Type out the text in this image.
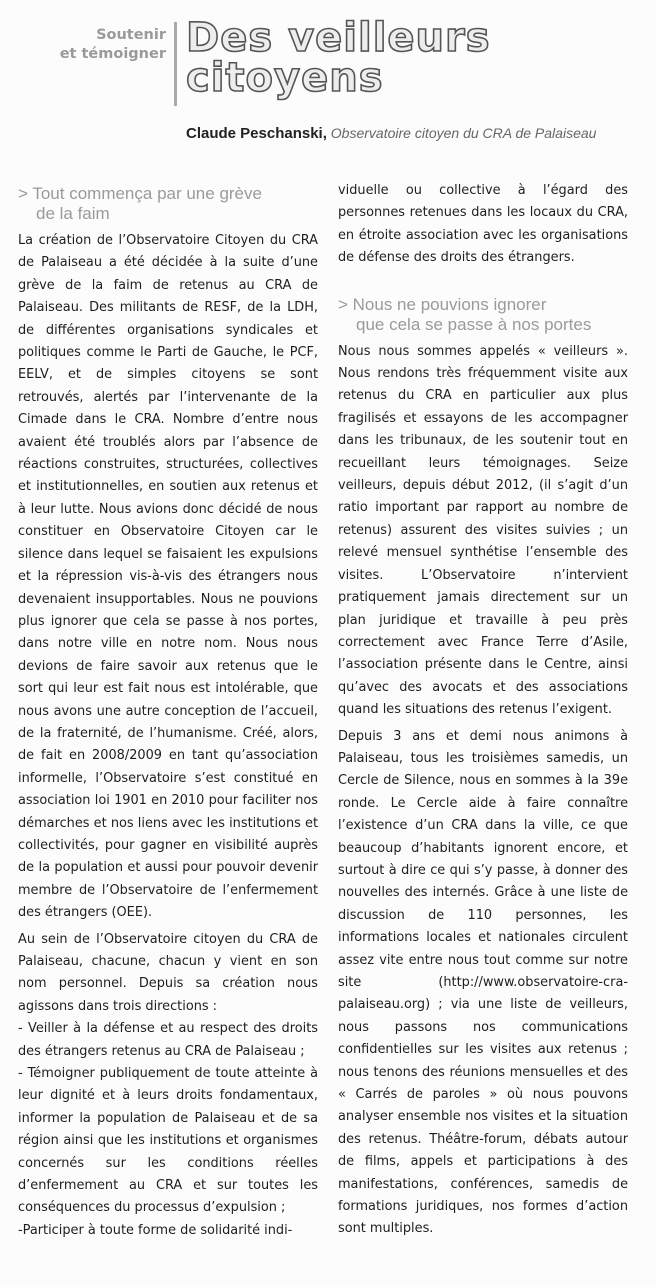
Soutenir
et témoigner Des veilleurs
citoyens
Claude Peschanski, Observatoire citoyen du CRA de Palaiseau
> Tout commença par une grève
de la faim

La création de l’Observatoire Citoyen du CRA de Palaiseau a été décidée à la suite d’une grève de la faim de retenus au CRA de Palaiseau. Des militants de RESF, de la LDH, de différentes organisations syndicales et politiques comme le Parti de Gauche, le PCF, EELV, et de simples citoyens se sont retrouvés, alertés par l’intervenante de la Cimade dans le CRA. Nombre d’entre nous avaient été troublés alors par l’absence de réactions construites, structurées, collectives et institutionnelles, en soutien aux retenus et à leur lutte. Nous avions donc décidé de nous constituer en Observatoire Citoyen car le silence dans lequel se faisaient les expulsions et la répression vis-à-vis des étrangers nous devenaient insupportables. Nous ne pouvions plus ignorer que cela se passe à nos portes, dans notre ville en notre nom. Nous nous devions de faire savoir aux retenus que le sort qui leur est fait nous est intolérable, que nous avons une autre conception de l’accueil, de la fraternité, de l’humanisme. Créé, alors, de fait en 2008/2009 en tant qu’association informelle, l’Observatoire s’est constitué en association loi 1901 en 2010 pour faciliter nos démarches et nos liens avec les institutions et collectivités, pour gagner en visibilité auprès de la population et aussi pour pouvoir devenir membre de l’Observatoire de l’enfermement des étrangers (OEE).

Au sein de l’Observatoire citoyen du CRA de Palaiseau, chacune, chacun y vient en son nom personnel. Depuis sa création nous agissons dans trois directions :

- Veiller à la défense et au respect des droits des étrangers retenus au CRA de Palaiseau ;
- Témoigner publiquement de toute atteinte à leur dignité et à leurs droits fondamentaux, informer la population de Palaiseau et de sa région ainsi que les institutions et organismes concernés sur les conditions réelles d’enfermement au CRA et sur toutes les conséquences du processus d’expulsion ;
-Participer à toute forme de solidarité indi-

viduelle ou collective à l’égard des personnes retenues dans les locaux du CRA, en étroite association avec les organisations de défense des droits des étrangers.

> Nous ne pouvions ignorer
que cela se passe à nos portes

Nous nous sommes appelés « veilleurs ». Nous rendons très fréquemment visite aux retenus du CRA en particulier aux plus fragilisés et essayons de les accompagner dans les tribunaux, de les soutenir tout en recueillant leurs témoignages. Seize veilleurs, depuis début 2012, (il s’agit d’un ratio important par rapport au nombre de retenus) assurent des visites suivies ; un relevé mensuel synthétise l’ensemble des visites. L’Observatoire n’intervient pratiquement jamais directement sur un plan juridique et travaille à peu près correctement avec France Terre d’Asile, l’association présente dans le Centre, ainsi qu’avec des avocats et des associations quand les situations des retenus l’exigent.

Depuis 3 ans et demi nous animons à Palaiseau, tous les troisièmes samedis, un Cercle de Silence, nous en sommes à la 39e ronde. Le Cercle aide à faire connaître l’existence d’un CRA dans la ville, ce que beaucoup d’habitants ignorent encore, et surtout à dire ce qui s’y passe, à donner des nouvelles des internés. Grâce à une liste de discussion de 110 personnes, les informations locales et nationales circulent assez vite entre nous tout comme sur notre site (http://www.observatoire-cra-palaiseau.org) ; via une liste de veilleurs, nous passons nos communications confidentielles sur les visites aux retenus ; nous tenons des réunions mensuelles et des « Carrés de paroles » où nous pouvons analyser ensemble nos visites et la situation des retenus. Théâtre-forum, débats autour de films, appels et participations à des manifestations, conférences, samedis de formations juridiques, nos formes d’action sont multiples.
